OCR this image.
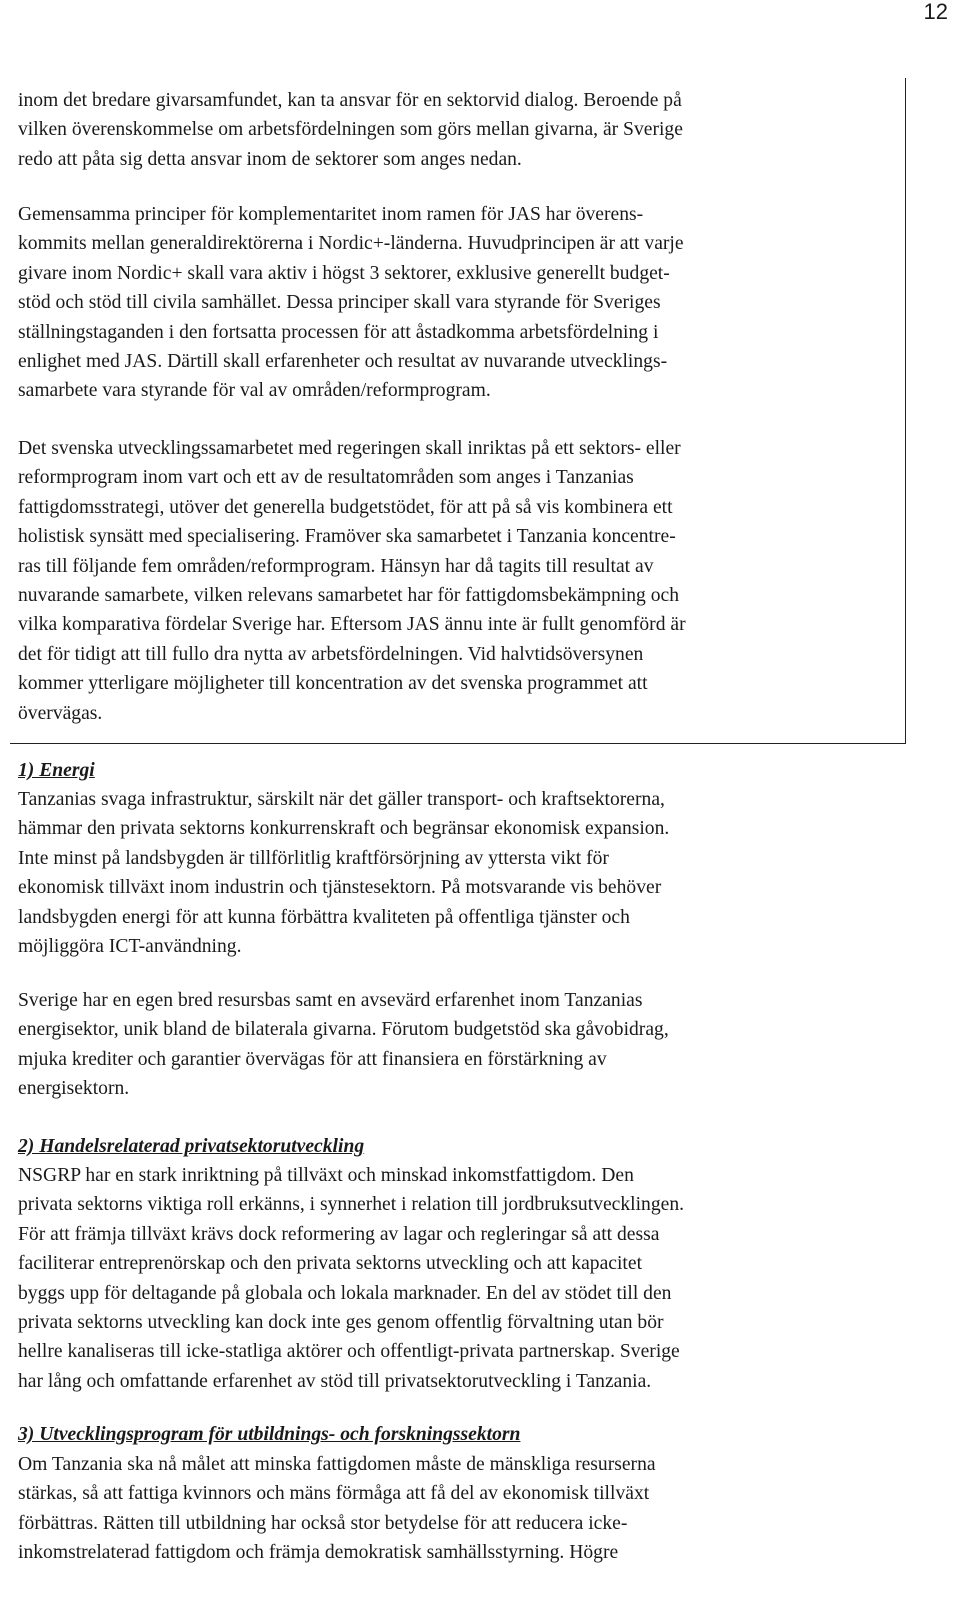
12

inom det bredare givarsamfundet, kan ta ansvar för en sektorvid dialog. Beroende på
vilken överenskommelse om arbetsfördelningen som görs mellan givarna, är Sverige
redo att påta sig detta ansvar inom de sektorer som anges nedan.

Gemensamma principer för komplementaritet inom ramen för JAS har överens-
kommits mellan generaldirektörerna i Nordic+-länderna. Huvudprincipen är att varje
givare inom Nordic+ skall vara aktiv i högst 3 sektorer, exklusive generellt budget-
stöd och stöd till civila samhället. Dessa principer skall vara styrande för Sveriges
ställningstaganden i den fortsatta processen för att åstadkomma arbetsfördelning i
enlighet med JAS. Därtill skall erfarenheter och resultat av nuvarande utvecklings-
samarbete vara styrande för val av områden/reformprogram.

Det svenska utvecklingssamarbetet med regeringen skall inriktas på ett sektors- eller
reformprogram inom vart och ett av de resultatområden som anges i Tanzanias
fattigdomsstrategi, utöver det generella budgetstödet, för att på så vis kombinera ett
holistisk synsätt med specialisering. Framöver ska samarbetet i Tanzania koncentre-
ras till följande fem områden/reformprogram. Hänsyn har då tagits till resultat av
nuvarande samarbete, vilken relevans samarbetet har för fattigdomsbekämpning och
vilka komparativa fördelar Sverige har. Eftersom JAS ännu inte är fullt genomförd är
det för tidigt att till fullo dra nytta av arbetsfördelningen. Vid halvtidsöversynen
kommer ytterligare möjligheter till koncentration av det svenska programmet att
övervägas.

1) Energi

Tanzanias svaga infrastruktur, särskilt när det gäller transport- och kraftsektorerna,
hämmar den privata sektorns konkurrenskraft och begränsar ekonomisk expansion.
Inte minst på landsbygden är tillförlitlig kraftförsörjning av yttersta vikt för
ekonomisk tillväxt inom industrin och tjänstesektorn. På motsvarande vis behöver
landsbygden energi för att kunna förbättra kvaliteten på offentliga tjänster och
möjliggöra ICT-användning.

Sverige har en egen bred resursbas samt en avsevärd erfarenhet inom Tanzanias
energisektor, unik bland de bilaterala givarna. Förutom budgetstöd ska gåvobidrag,
mjuka krediter och garantier övervägas för att finansiera en förstärkning av
energisektorn.

2) Handelsrelaterad privatsektorutveckling

NSGRP har en stark inriktning på tillväxt och minskad inkomstfattigdom. Den
privata sektorns viktiga roll erkänns, i synnerhet i relation till jordbruksutvecklingen.
För att främja tillväxt krävs dock reformering av lagar och regleringar så att dessa
faciliterar entreprenörskap och den privata sektorns utveckling och att kapacitet
byggs upp för deltagande på globala och lokala marknader. En del av stödet till den
privata sektorns utveckling kan dock inte ges genom offentlig förvaltning utan bör
hellre kanaliseras till icke-statliga aktörer och offentligt-privata partnerskap. Sverige
har lång och omfattande erfarenhet av stöd till privatsektorutveckling i Tanzania.

3) Utvecklingsprogram för utbildnings- och forskningssektorn

Om Tanzania ska nå målet att minska fattigdomen måste de mänskliga resurserna
stärkas, så att fattiga kvinnors och mäns förmåga att få del av ekonomisk tillväxt
förbättras. Rätten till utbildning har också stor betydelse för att reducera icke-
inkomstrelaterad fattigdom och främja demokratisk samhällsstyrning. Högre
